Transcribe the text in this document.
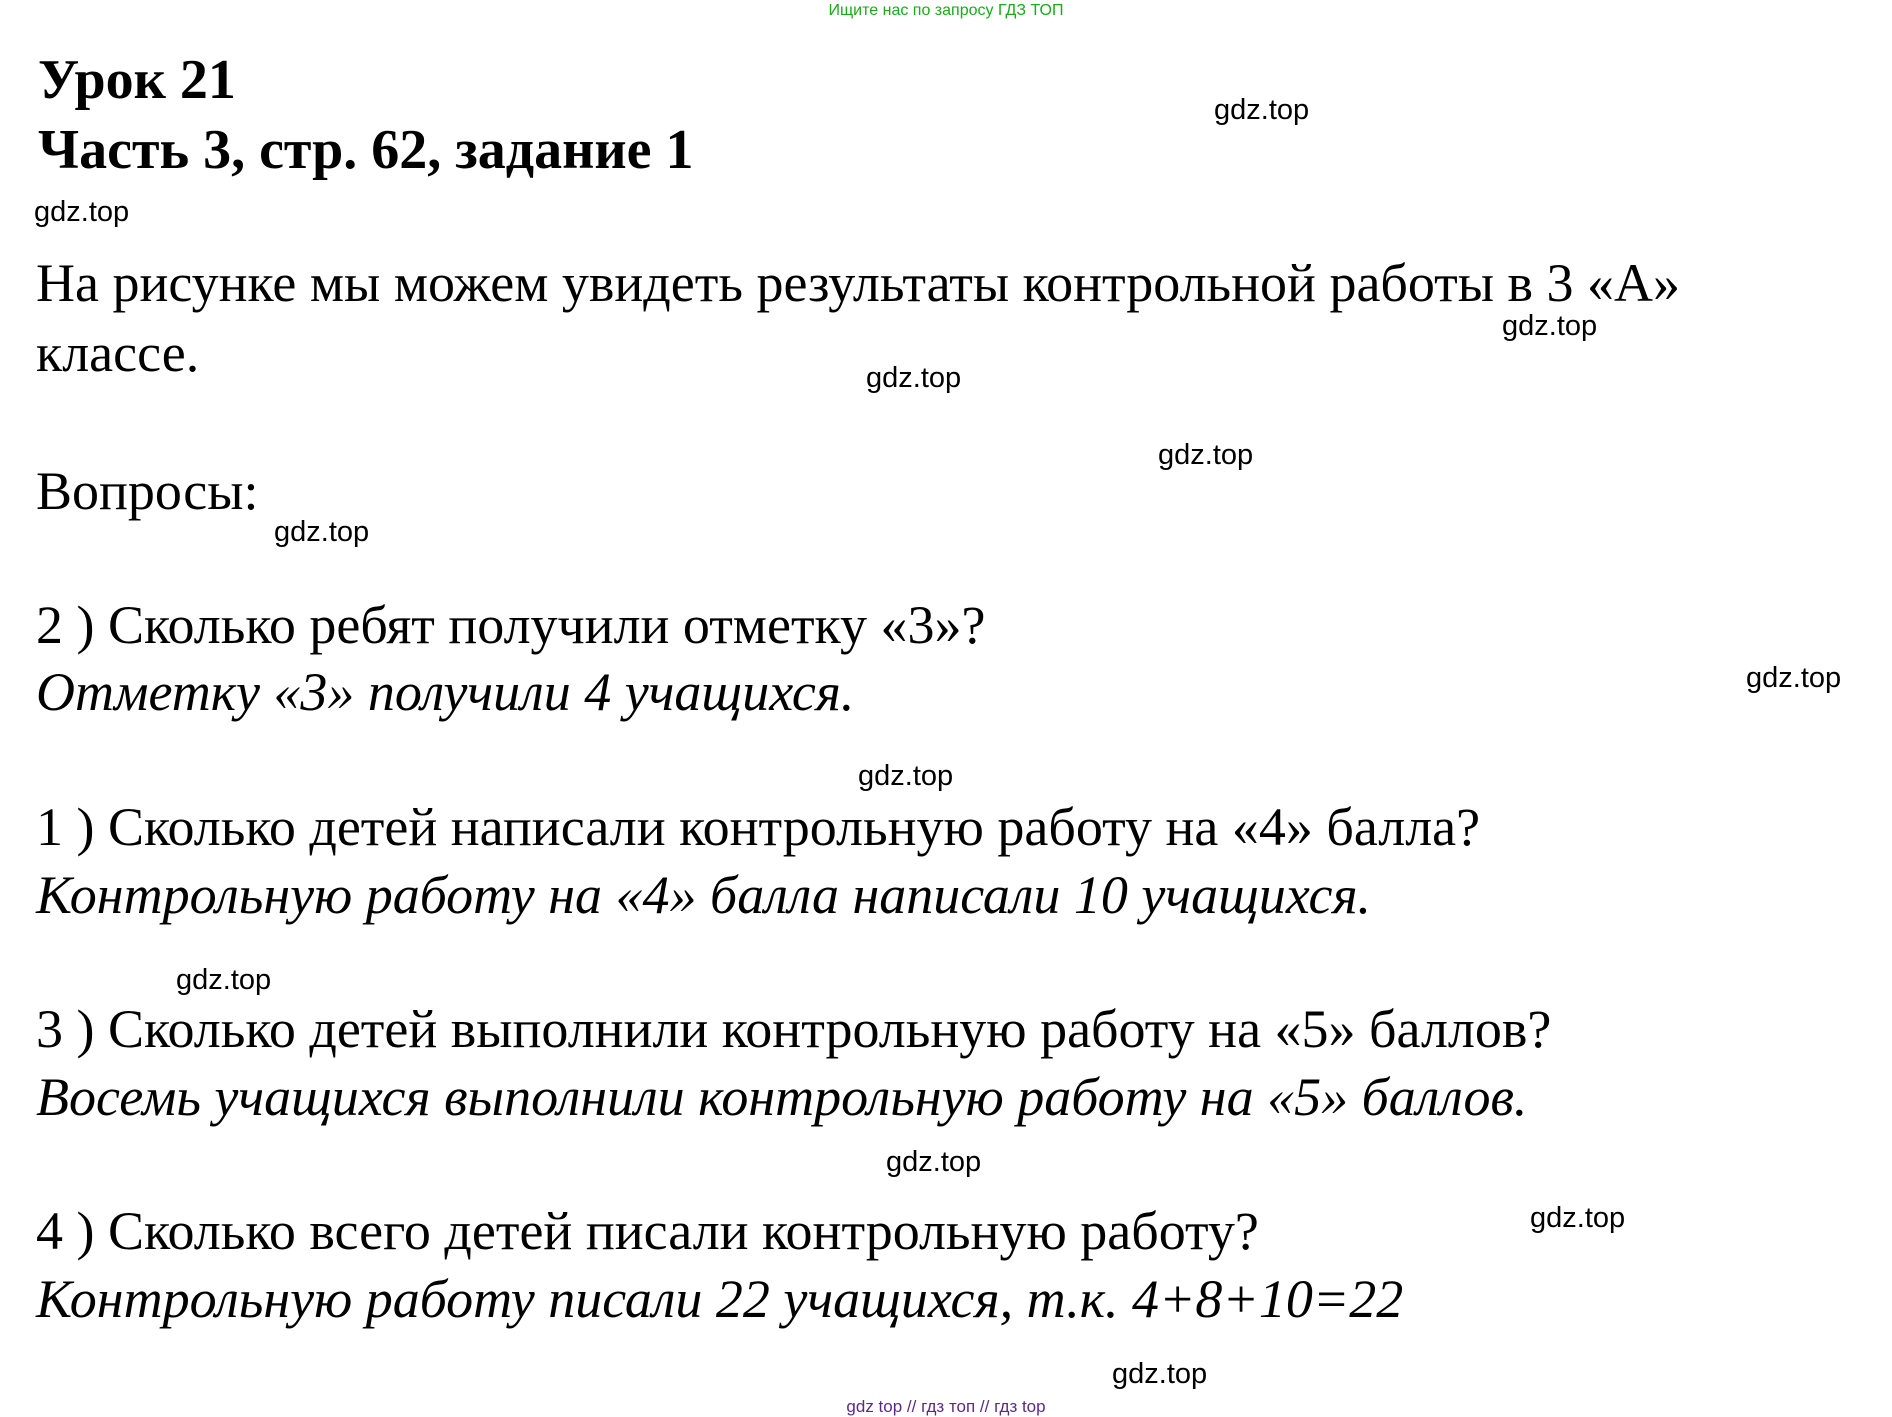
Ищите нас по запросу ГДЗ ТОП
Урок 21
Часть 3, стр. 62, задание 1
На рисунке мы можем увидеть результаты контрольной работы в 3 «А»
классе.
Вопросы:
2 ) Сколько ребят получили отметку «3»?
Отметку «3» получили 4 учащихся.
1 ) Сколько детей написали контрольную работу на «4» балла?
Контрольную работу на «4» балла написали 10 учащихся.
3 ) Сколько детей выполнили контрольную работу на «5» баллов?
Восемь учащихся выполнили контрольную работу на «5» баллов.
4 ) Сколько всего детей писали контрольную работу?
Контрольную работу писали 22 учащихся, т.к. 4+8+10=22
gdz.top
gdz.top
gdz.top
gdz.top
gdz.top
gdz.top
gdz.top
gdz.top
gdz.top
gdz.top
gdz.top
gdz.top
gdz top // гдз топ // гдз top
